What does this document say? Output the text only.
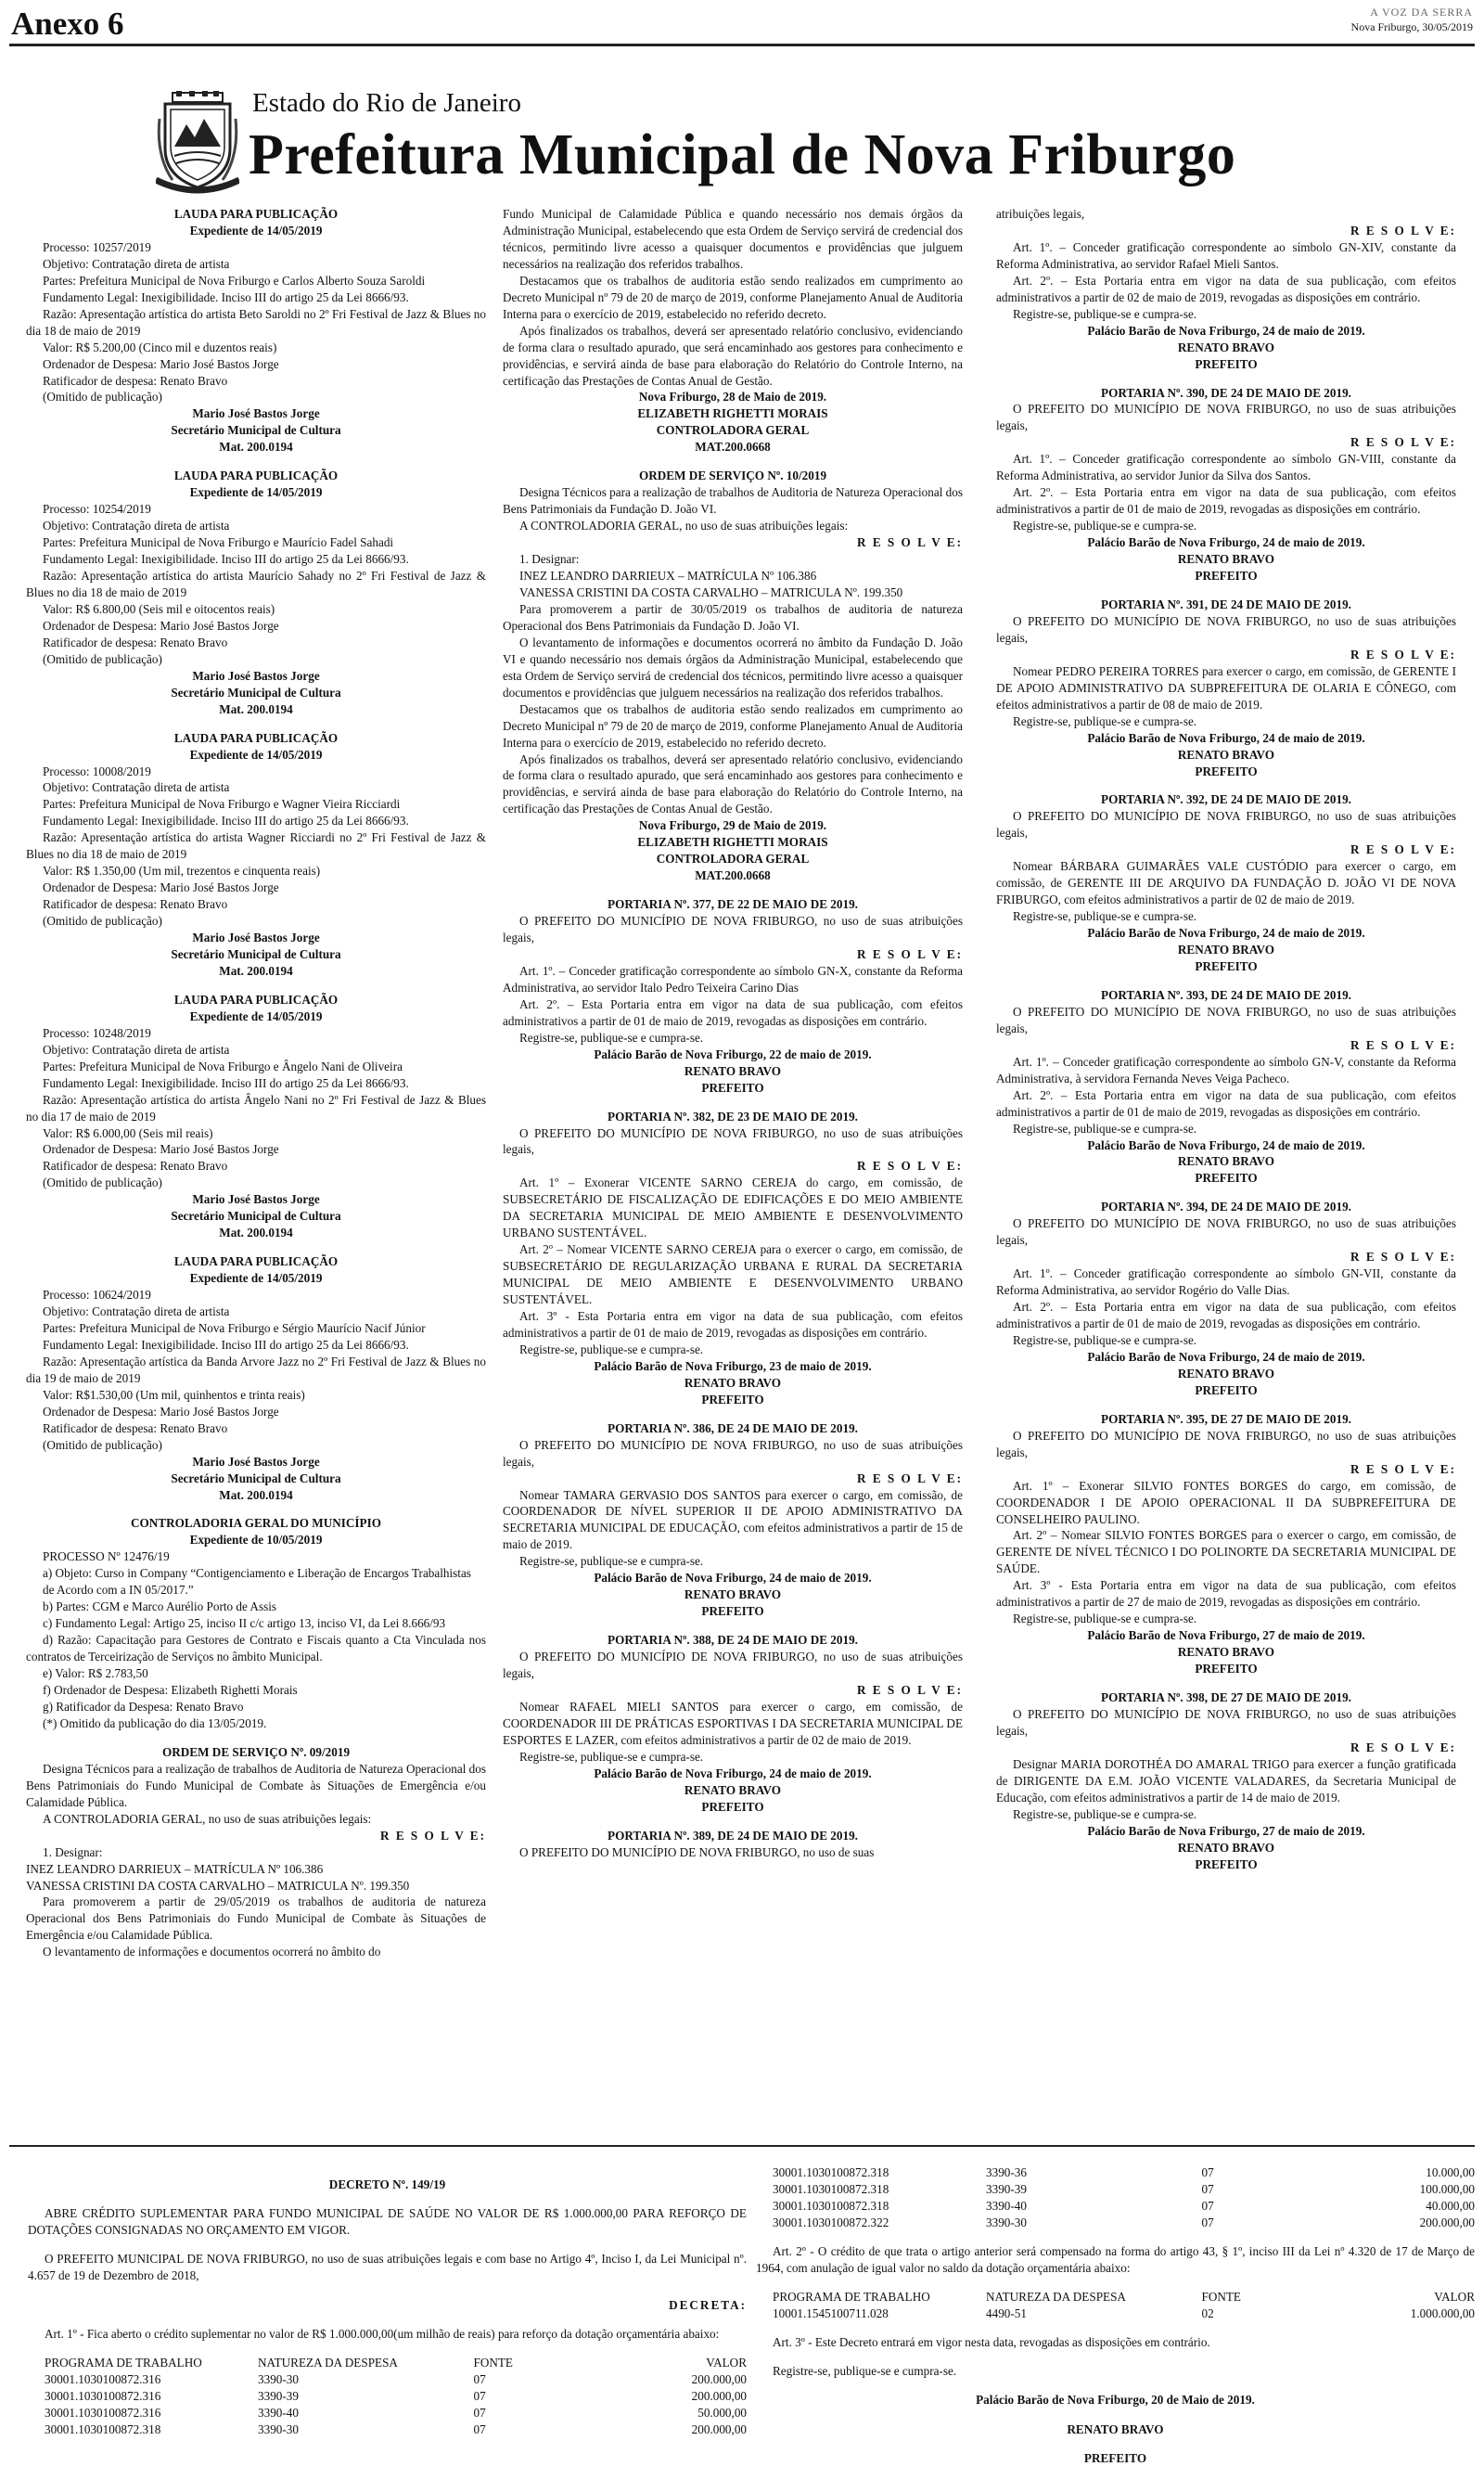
Anexo 6	A VOZ DA SERRA
Nova Friburgo, 30/05/2019
Estado do Rio de Janeiro
Prefeitura Municipal de Nova Friburgo

LAUDA PARA PUBLICAÇÃO

Expediente de 14/05/2019

Processo: 10257/2019

Objetivo: Contratação direta de artista

Partes: Prefeitura Municipal de Nova Friburgo e Carlos Alberto Souza Saroldi

Fundamento Legal: Inexigibilidade. Inciso III do artigo 25 da Lei 8666/93.

Razão: Apresentação artística do artista Beto Saroldi no 2º Fri Festival de Jazz & Blues no dia 18 de maio de 2019

Valor: R$ 5.200,00 (Cinco mil e duzentos reais)

Ordenador de Despesa: Mario José Bastos Jorge

Ratificador de despesa: Renato Bravo

(Omitido de publicação)

Mario José Bastos Jorge

Secretário Municipal de Cultura

Mat. 200.0194

LAUDA PARA PUBLICAÇÃO

Expediente de 14/05/2019

Processo: 10254/2019

Objetivo: Contratação direta de artista

Partes: Prefeitura Municipal de Nova Friburgo e Maurício Fadel Sahadi

Fundamento Legal: Inexigibilidade. Inciso III do artigo 25 da Lei 8666/93.

Razão: Apresentação artística do artista Maurício Sahady no 2º Fri Festival de Jazz & Blues no dia 18 de maio de 2019

Valor: R$ 6.800,00 (Seis mil e oitocentos reais)

Ordenador de Despesa: Mario José Bastos Jorge

Ratificador de despesa: Renato Bravo

(Omitido de publicação)

Mario José Bastos Jorge

Secretário Municipal de Cultura

Mat. 200.0194

LAUDA PARA PUBLICAÇÃO

Expediente de 14/05/2019

Processo: 10008/2019

Objetivo: Contratação direta de artista

Partes: Prefeitura Municipal de Nova Friburgo e Wagner Vieira Ricciardi

Fundamento Legal: Inexigibilidade. Inciso III do artigo 25 da Lei 8666/93.

Razão: Apresentação artística do artista Wagner Ricciardi no 2º Fri Festival de Jazz & Blues no dia 18 de maio de 2019

Valor: R$ 1.350,00 (Um mil, trezentos e cinquenta reais)

Ordenador de Despesa: Mario José Bastos Jorge

Ratificador de despesa: Renato Bravo

(Omitido de publicação)

Mario José Bastos Jorge

Secretário Municipal de Cultura

Mat. 200.0194

LAUDA PARA PUBLICAÇÃO

Expediente de 14/05/2019

Processo: 10248/2019

Objetivo: Contratação direta de artista

Partes: Prefeitura Municipal de Nova Friburgo e Ângelo Nani de Oliveira

Fundamento Legal: Inexigibilidade. Inciso III do artigo 25 da Lei 8666/93.

Razão: Apresentação artística do artista Ângelo Nani no 2º Fri Festival de Jazz & Blues no dia 17 de maio de 2019

Valor: R$ 6.000,00 (Seis mil reais)

Ordenador de Despesa: Mario José Bastos Jorge

Ratificador de despesa: Renato Bravo

(Omitido de publicação)

Mario José Bastos Jorge

Secretário Municipal de Cultura

Mat. 200.0194

LAUDA PARA PUBLICAÇÃO

Expediente de 14/05/2019

Processo: 10624/2019

Objetivo: Contratação direta de artista

Partes: Prefeitura Municipal de Nova Friburgo e Sérgio Maurício Nacif Júnior

Fundamento Legal: Inexigibilidade. Inciso III do artigo 25 da Lei 8666/93.

Razão: Apresentação artística da Banda Arvore Jazz no 2º Fri Festival de Jazz & Blues no dia 19 de maio de 2019

Valor: R$1.530,00 (Um mil, quinhentos e trinta reais)

Ordenador de Despesa: Mario José Bastos Jorge

Ratificador de despesa: Renato Bravo

(Omitido de publicação)

Mario José Bastos Jorge

Secretário Municipal de Cultura

Mat. 200.0194

CONTROLADORIA GERAL DO MUNICÍPIO

Expediente de 10/05/2019

PROCESSO Nº 12476/19

a) Objeto: Curso in Company “Contigenciamento e Liberação de Encargos Trabalhistas

de Acordo com a IN 05/2017.”

b) Partes: CGM e Marco Aurélio Porto de Assis

c) Fundamento Legal: Artigo 25, inciso II c/c artigo 13, inciso VI, da Lei 8.666/93

d) Razão: Capacitação para Gestores de Contrato e Fiscais quanto a Cta Vinculada nos contratos de Terceirização de Serviços no âmbito Municipal.

e) Valor: R$ 2.783,50

f) Ordenador de Despesa: Elizabeth Righetti Morais

g) Ratificador da Despesa: Renato Bravo

(*) Omitido da publicação do dia 13/05/2019.

ORDEM DE SERVIÇO Nº. 09/2019

Designa Técnicos para a realização de trabalhos de Auditoria de Natureza Operacional dos Bens Patrimoniais do Fundo Municipal de Combate às Situações de Emergência e/ou Calamidade Pública.

A CONTROLADORIA GERAL, no uso de suas atribuições legais:

R E S O L V E:

1. Designar:

INEZ LEANDRO DARRIEUX – MATRÍCULA Nº 106.386

VANESSA CRISTINI DA COSTA CARVALHO – MATRICULA Nº. 199.350

Para promoverem a partir de 29/05/2019 os trabalhos de auditoria de natureza Operacional dos Bens Patrimoniais do Fundo Municipal de Combate às Situações de Emergência e/ou Calamidade Pública.

O levantamento de informações e documentos ocorrerá no âmbito do

Fundo Municipal de Calamidade Pública e quando necessário nos demais órgãos da Administração Municipal, estabelecendo que esta Ordem de Serviço servirá de credencial dos técnicos, permitindo livre acesso a quaisquer documentos e providências que julguem necessários na realização dos referidos trabalhos.

Destacamos que os trabalhos de auditoria estão sendo realizados em cumprimento ao Decreto Municipal nº 79 de 20 de março de 2019, conforme Planejamento Anual de Auditoria Interna para o exercício de 2019, estabelecido no referido decreto.

Após finalizados os trabalhos, deverá ser apresentado relatório conclusivo, evidenciando de forma clara o resultado apurado, que será encaminhado aos gestores para conhecimento e providências, e servirá ainda de base para elaboração do Relatório do Controle Interno, na certificação das Prestações de Contas Anual de Gestão.

Nova Friburgo, 28 de Maio de 2019.

ELIZABETH RIGHETTI MORAIS

CONTROLADORA GERAL

MAT.200.0668

ORDEM DE SERVIÇO Nº. 10/2019

Designa Técnicos para a realização de trabalhos de Auditoria de Natureza Operacional dos Bens Patrimoniais da Fundação D. João VI.

A CONTROLADORIA GERAL, no uso de suas atribuições legais:

R E S O L V E:

1. Designar:

INEZ LEANDRO DARRIEUX – MATRÍCULA Nº 106.386

VANESSA CRISTINI DA COSTA CARVALHO – MATRICULA Nº. 199.350

Para promoverem a partir de 30/05/2019 os trabalhos de auditoria de natureza Operacional dos Bens Patrimoniais da Fundação D. João VI.

O levantamento de informações e documentos ocorrerá no âmbito da Fundação D. João VI e quando necessário nos demais órgãos da Administração Municipal, estabelecendo que esta Ordem de Serviço servirá de credencial dos técnicos, permitindo livre acesso a quaisquer documentos e providências que julguem necessários na realização dos referidos trabalhos.

Destacamos que os trabalhos de auditoria estão sendo realizados em cumprimento ao Decreto Municipal nº 79 de 20 de março de 2019, conforme Planejamento Anual de Auditoria Interna para o exercício de 2019, estabelecido no referido decreto.

Após finalizados os trabalhos, deverá ser apresentado relatório conclusivo, evidenciando de forma clara o resultado apurado, que será encaminhado aos gestores para conhecimento e providências, e servirá ainda de base para elaboração do Relatório do Controle Interno, na certificação das Prestações de Contas Anual de Gestão.

Nova Friburgo, 29 de Maio de 2019.

ELIZABETH RIGHETTI MORAIS

CONTROLADORA GERAL

MAT.200.0668

PORTARIA Nº. 377, DE 22 DE MAIO DE 2019.

O PREFEITO DO MUNICÍPIO DE NOVA FRIBURGO, no uso de suas atribuições legais,

R E S O L V E:

Art. 1º. – Conceder gratificação correspondente ao símbolo GN-X, constante da Reforma Administrativa, ao servidor Italo Pedro Teixeira Carino Dias

Art. 2º. – Esta Portaria entra em vigor na data de sua publicação, com efeitos administrativos a partir de 01 de maio de 2019, revogadas as disposições em contrário.

Registre-se, publique-se e cumpra-se.

Palácio Barão de Nova Friburgo, 22 de maio de 2019.

RENATO BRAVO

PREFEITO

PORTARIA Nº. 382, DE 23 DE MAIO DE 2019.

O PREFEITO DO MUNICÍPIO DE NOVA FRIBURGO, no uso de suas atribuições legais,

R E S O L V E:

Art. 1º – Exonerar VICENTE SARNO CEREJA do cargo, em comissão, de SUBSECRETÁRIO DE FISCALIZAÇÃO DE EDIFICAÇÕES E DO MEIO AMBIENTE DA SECRETARIA MUNICIPAL DE MEIO AMBIENTE E DESENVOLVIMENTO URBANO SUSTENTÁVEL.

Art. 2º – Nomear VICENTE SARNO CEREJA para o exercer o cargo, em comissão, de SUBSECRETÁRIO DE REGULARIZAÇÃO URBANA E RURAL DA SECRETARIA MUNICIPAL DE MEIO AMBIENTE E DESENVOLVIMENTO URBANO SUSTENTÁVEL.

Art. 3º - Esta Portaria entra em vigor na data de sua publicação, com efeitos administrativos a partir de 01 de maio de 2019, revogadas as disposições em contrário.

Registre-se, publique-se e cumpra-se.

Palácio Barão de Nova Friburgo, 23 de maio de 2019.

RENATO BRAVO

PREFEITO

PORTARIA Nº. 386, DE 24 DE MAIO DE 2019.

O PREFEITO DO MUNICÍPIO DE NOVA FRIBURGO, no uso de suas atribuições legais,

R E S O L V E:

Nomear TAMARA GERVASIO DOS SANTOS para exercer o cargo, em comissão, de COORDENADOR DE NÍVEL SUPERIOR II DE APOIO ADMINISTRATIVO DA SECRETARIA MUNICIPAL DE EDUCAÇÃO, com efeitos administrativos a partir de 15 de maio de 2019.

Registre-se, publique-se e cumpra-se.

Palácio Barão de Nova Friburgo, 24 de maio de 2019.

RENATO BRAVO

PREFEITO

PORTARIA Nº. 388, DE 24 DE MAIO DE 2019.

O PREFEITO DO MUNICÍPIO DE NOVA FRIBURGO, no uso de suas atribuições legais,

R E S O L V E:

Nomear RAFAEL MIELI SANTOS para exercer o cargo, em comissão, de COORDENADOR III DE PRÁTICAS ESPORTIVAS I DA SECRETARIA MUNICIPAL DE ESPORTES E LAZER, com efeitos administrativos a partir de 02 de maio de 2019.

Registre-se, publique-se e cumpra-se.

Palácio Barão de Nova Friburgo, 24 de maio de 2019.

RENATO BRAVO

PREFEITO

PORTARIA Nº. 389, DE 24 DE MAIO DE 2019.

O PREFEITO DO MUNICÍPIO DE NOVA FRIBURGO, no uso de suas

atribuições legais,

R E S O L V E:

Art. 1º. – Conceder gratificação correspondente ao símbolo GN-XIV, constante da Reforma Administrativa, ao servidor Rafael Mieli Santos.

Art. 2º. – Esta Portaria entra em vigor na data de sua publicação, com efeitos administrativos a partir de 02 de maio de 2019, revogadas as disposições em contrário.

Registre-se, publique-se e cumpra-se.

Palácio Barão de Nova Friburgo, 24 de maio de 2019.

RENATO BRAVO

PREFEITO

PORTARIA Nº. 390, DE 24 DE MAIO DE 2019.

O PREFEITO DO MUNICÍPIO DE NOVA FRIBURGO, no uso de suas atribuições legais,

R E S O L V E:

Art. 1º. – Conceder gratificação correspondente ao símbolo GN-VIII, constante da Reforma Administrativa, ao servidor Junior da Silva dos Santos.

Art. 2º. – Esta Portaria entra em vigor na data de sua publicação, com efeitos administrativos a partir de 01 de maio de 2019, revogadas as disposições em contrário.

Registre-se, publique-se e cumpra-se.

Palácio Barão de Nova Friburgo, 24 de maio de 2019.

RENATO BRAVO

PREFEITO

PORTARIA Nº. 391, DE 24 DE MAIO DE 2019.

O PREFEITO DO MUNICÍPIO DE NOVA FRIBURGO, no uso de suas atribuições legais,

R E S O L V E:

Nomear PEDRO PEREIRA TORRES para exercer o cargo, em comissão, de GERENTE I DE APOIO ADMINISTRATIVO DA SUBPREFEITURA DE OLARIA E CÔNEGO, com efeitos administrativos a partir de 08 de maio de 2019.

Registre-se, publique-se e cumpra-se.

Palácio Barão de Nova Friburgo, 24 de maio de 2019.

RENATO BRAVO

PREFEITO

PORTARIA Nº. 392, DE 24 DE MAIO DE 2019.

O PREFEITO DO MUNICÍPIO DE NOVA FRIBURGO, no uso de suas atribuições legais,

R E S O L V E:

Nomear BÁRBARA GUIMARÃES VALE CUSTÓDIO para exercer o cargo, em comissão, de GERENTE III DE ARQUIVO DA FUNDAÇÃO D. JOÃO VI DE NOVA FRIBURGO, com efeitos administrativos a partir de 02 de maio de 2019.

Registre-se, publique-se e cumpra-se.

Palácio Barão de Nova Friburgo, 24 de maio de 2019.

RENATO BRAVO

PREFEITO

PORTARIA Nº. 393, DE 24 DE MAIO DE 2019.

O PREFEITO DO MUNICÍPIO DE NOVA FRIBURGO, no uso de suas atribuições legais,

R E S O L V E:

Art. 1º. – Conceder gratificação correspondente ao símbolo GN-V, constante da Reforma Administrativa, à servidora Fernanda Neves Veiga Pacheco.

Art. 2º. – Esta Portaria entra em vigor na data de sua publicação, com efeitos administrativos a partir de 01 de maio de 2019, revogadas as disposições em contrário.

Registre-se, publique-se e cumpra-se.

Palácio Barão de Nova Friburgo, 24 de maio de 2019.

RENATO BRAVO

PREFEITO

PORTARIA Nº. 394, DE 24 DE MAIO DE 2019.

O PREFEITO DO MUNICÍPIO DE NOVA FRIBURGO, no uso de suas atribuições legais,

R E S O L V E:

Art. 1º. – Conceder gratificação correspondente ao símbolo GN-VII, constante da Reforma Administrativa, ao servidor Rogério do Valle Dias.

Art. 2º. – Esta Portaria entra em vigor na data de sua publicação, com efeitos administrativos a partir de 01 de maio de 2019, revogadas as disposições em contrário.

Registre-se, publique-se e cumpra-se.

Palácio Barão de Nova Friburgo, 24 de maio de 2019.

RENATO BRAVO

PREFEITO

PORTARIA Nº. 395, DE 27 DE MAIO DE 2019.

O PREFEITO DO MUNICÍPIO DE NOVA FRIBURGO, no uso de suas atribuições legais,

R E S O L V E:

Art. 1º – Exonerar SILVIO FONTES BORGES do cargo, em comissão, de COORDENADOR I DE APOIO OPERACIONAL II DA SUBPREFEITURA DE CONSELHEIRO PAULINO.

Art. 2º – Nomear SILVIO FONTES BORGES para o exercer o cargo, em comissão, de GERENTE DE NÍVEL TÉCNICO I DO POLINORTE DA SECRETARIA MUNICIPAL DE SAÚDE.

Art. 3º - Esta Portaria entra em vigor na data de sua publicação, com efeitos administrativos a partir de 27 de maio de 2019, revogadas as disposições em contrário.

Registre-se, publique-se e cumpra-se.

Palácio Barão de Nova Friburgo, 27 de maio de 2019.

RENATO BRAVO

PREFEITO

PORTARIA Nº. 398, DE 27 DE MAIO DE 2019.

O PREFEITO DO MUNICÍPIO DE NOVA FRIBURGO, no uso de suas atribuições legais,

R E S O L V E:

Designar MARIA DOROTHÉA DO AMARAL TRIGO para exercer a função gratificada de DIRIGENTE DA E.M. JOÃO VICENTE VALADARES, da Secretaria Municipal de Educação, com efeitos administrativos a partir de 14 de maio de 2019.

Registre-se, publique-se e cumpra-se.

Palácio Barão de Nova Friburgo, 27 de maio de 2019.

RENATO BRAVO

PREFEITO

DECRETO Nº. 149/19

ABRE CRÉDITO SUPLEMENTAR PARA FUNDO MUNICIPAL DE SAÚDE NO VALOR DE R$ 1.000.000,00 PARA REFORÇO DE DOTAÇÕES CONSIGNADAS NO ORÇAMENTO EM VIGOR.

O PREFEITO MUNICIPAL DE NOVA FRIBURGO, no uso de suas atribuições legais e com base no Artigo 4º, Inciso I, da Lei Municipal nº. 4.657 de 19 de Dezembro de 2018,

DECRETA:

Art. 1º - Fica aberto o crédito suplementar no valor de R$ 1.000.000,00(um milhão de reais) para reforço da dotação orçamentária abaixo:

PROGRAMA DE TRABALHO	NATUREZA DA DESPESA	FONTE	VALOR
30001.1030100872.316	3390-30	07	200.000,00
30001.1030100872.316	3390-39	07	200.000,00
30001.1030100872.316	3390-40	07	50.000,00
30001.1030100872.318	3390-30	07	200.000,00
30001.1030100872.318	3390-36	07	10.000,00
30001.1030100872.318	3390-39	07	100.000,00
30001.1030100872.318	3390-40	07	40.000,00
30001.1030100872.322	3390-30	07	200.000,00

Art. 2º - O crédito de que trata o artigo anterior será compensado na forma do artigo 43, § 1º, inciso III da Lei nº 4.320 de 17 de Março de 1964, com anulação de igual valor no saldo da dotação orçamentária abaixo:

PROGRAMA DE TRABALHO	NATUREZA DA DESPESA	FONTE	VALOR
10001.1545100711.028	4490-51	02	1.000.000,00

Art. 3º - Este Decreto entrará em vigor nesta data, revogadas as disposições em contrário.

Registre-se, publique-se e cumpra-se.

Palácio Barão de Nova Friburgo, 20 de Maio de 2019.

RENATO BRAVO

PREFEITO
